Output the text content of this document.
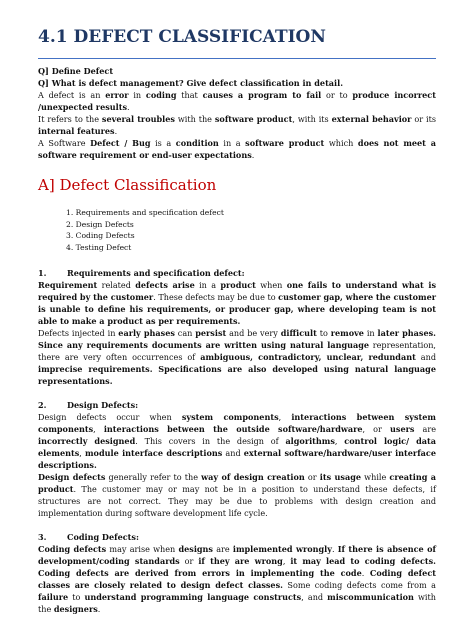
4.1 DEFECT CLASSIFICATION

Q] Define Defect

Q] What is defect management? Give defect classification in detail.

A defect is an error in coding that causes a program to fail or to produce incorrect /unexpected results.

It refers to the several troubles with the software product, with its external behavior or its internal features.

A Software Defect / Bug is a condition in a software product which does not meet a software requirement or end-user expectations.

A] Defect Classification
1. Requirements and specification defect
2. Design Defects
3. Coding Defects
4. Testing Defect

1.	Requirements and specification defect:

Requirement related defects arise in a product when one fails to understand what is required by the customer. These defects may be due to customer gap, where the customer is unable to define his requirements, or producer gap, where developing team is not able to make a product as per requirements.

Defects injected in early phases can persist and be very difficult to remove in later phases. Since any requirements documents are written using natural language representation, there are very often occurrences of ambiguous, contradictory, unclear, redundant and imprecise requirements. Specifications are also developed using natural language representations.

2.	Design Defects:

Design defects occur when system components, interactions between system components, interactions between the outside software/hardware, or users are incorrectly designed. This covers in the design of algorithms, control logic/ data elements, module interface descriptions and external software/hardware/user interface descriptions.

Design defects generally refer to the way of design creation or its usage while creating a product. The customer may or may not be in a position to understand these defects, if structures are not correct. They may be due to problems with design creation and implementation during software development life cycle.

3.	Coding Defects:

Coding defects may arise when designs are implemented wrongly. If there is absence of development/coding standards or if they are wrong, it may lead to coding defects. Coding defects are derived from errors in implementing the code. Coding defect classes are closely related to design defect classes. Some coding defects come from a failure to understand programming language constructs, and miscommunication with the designers.
